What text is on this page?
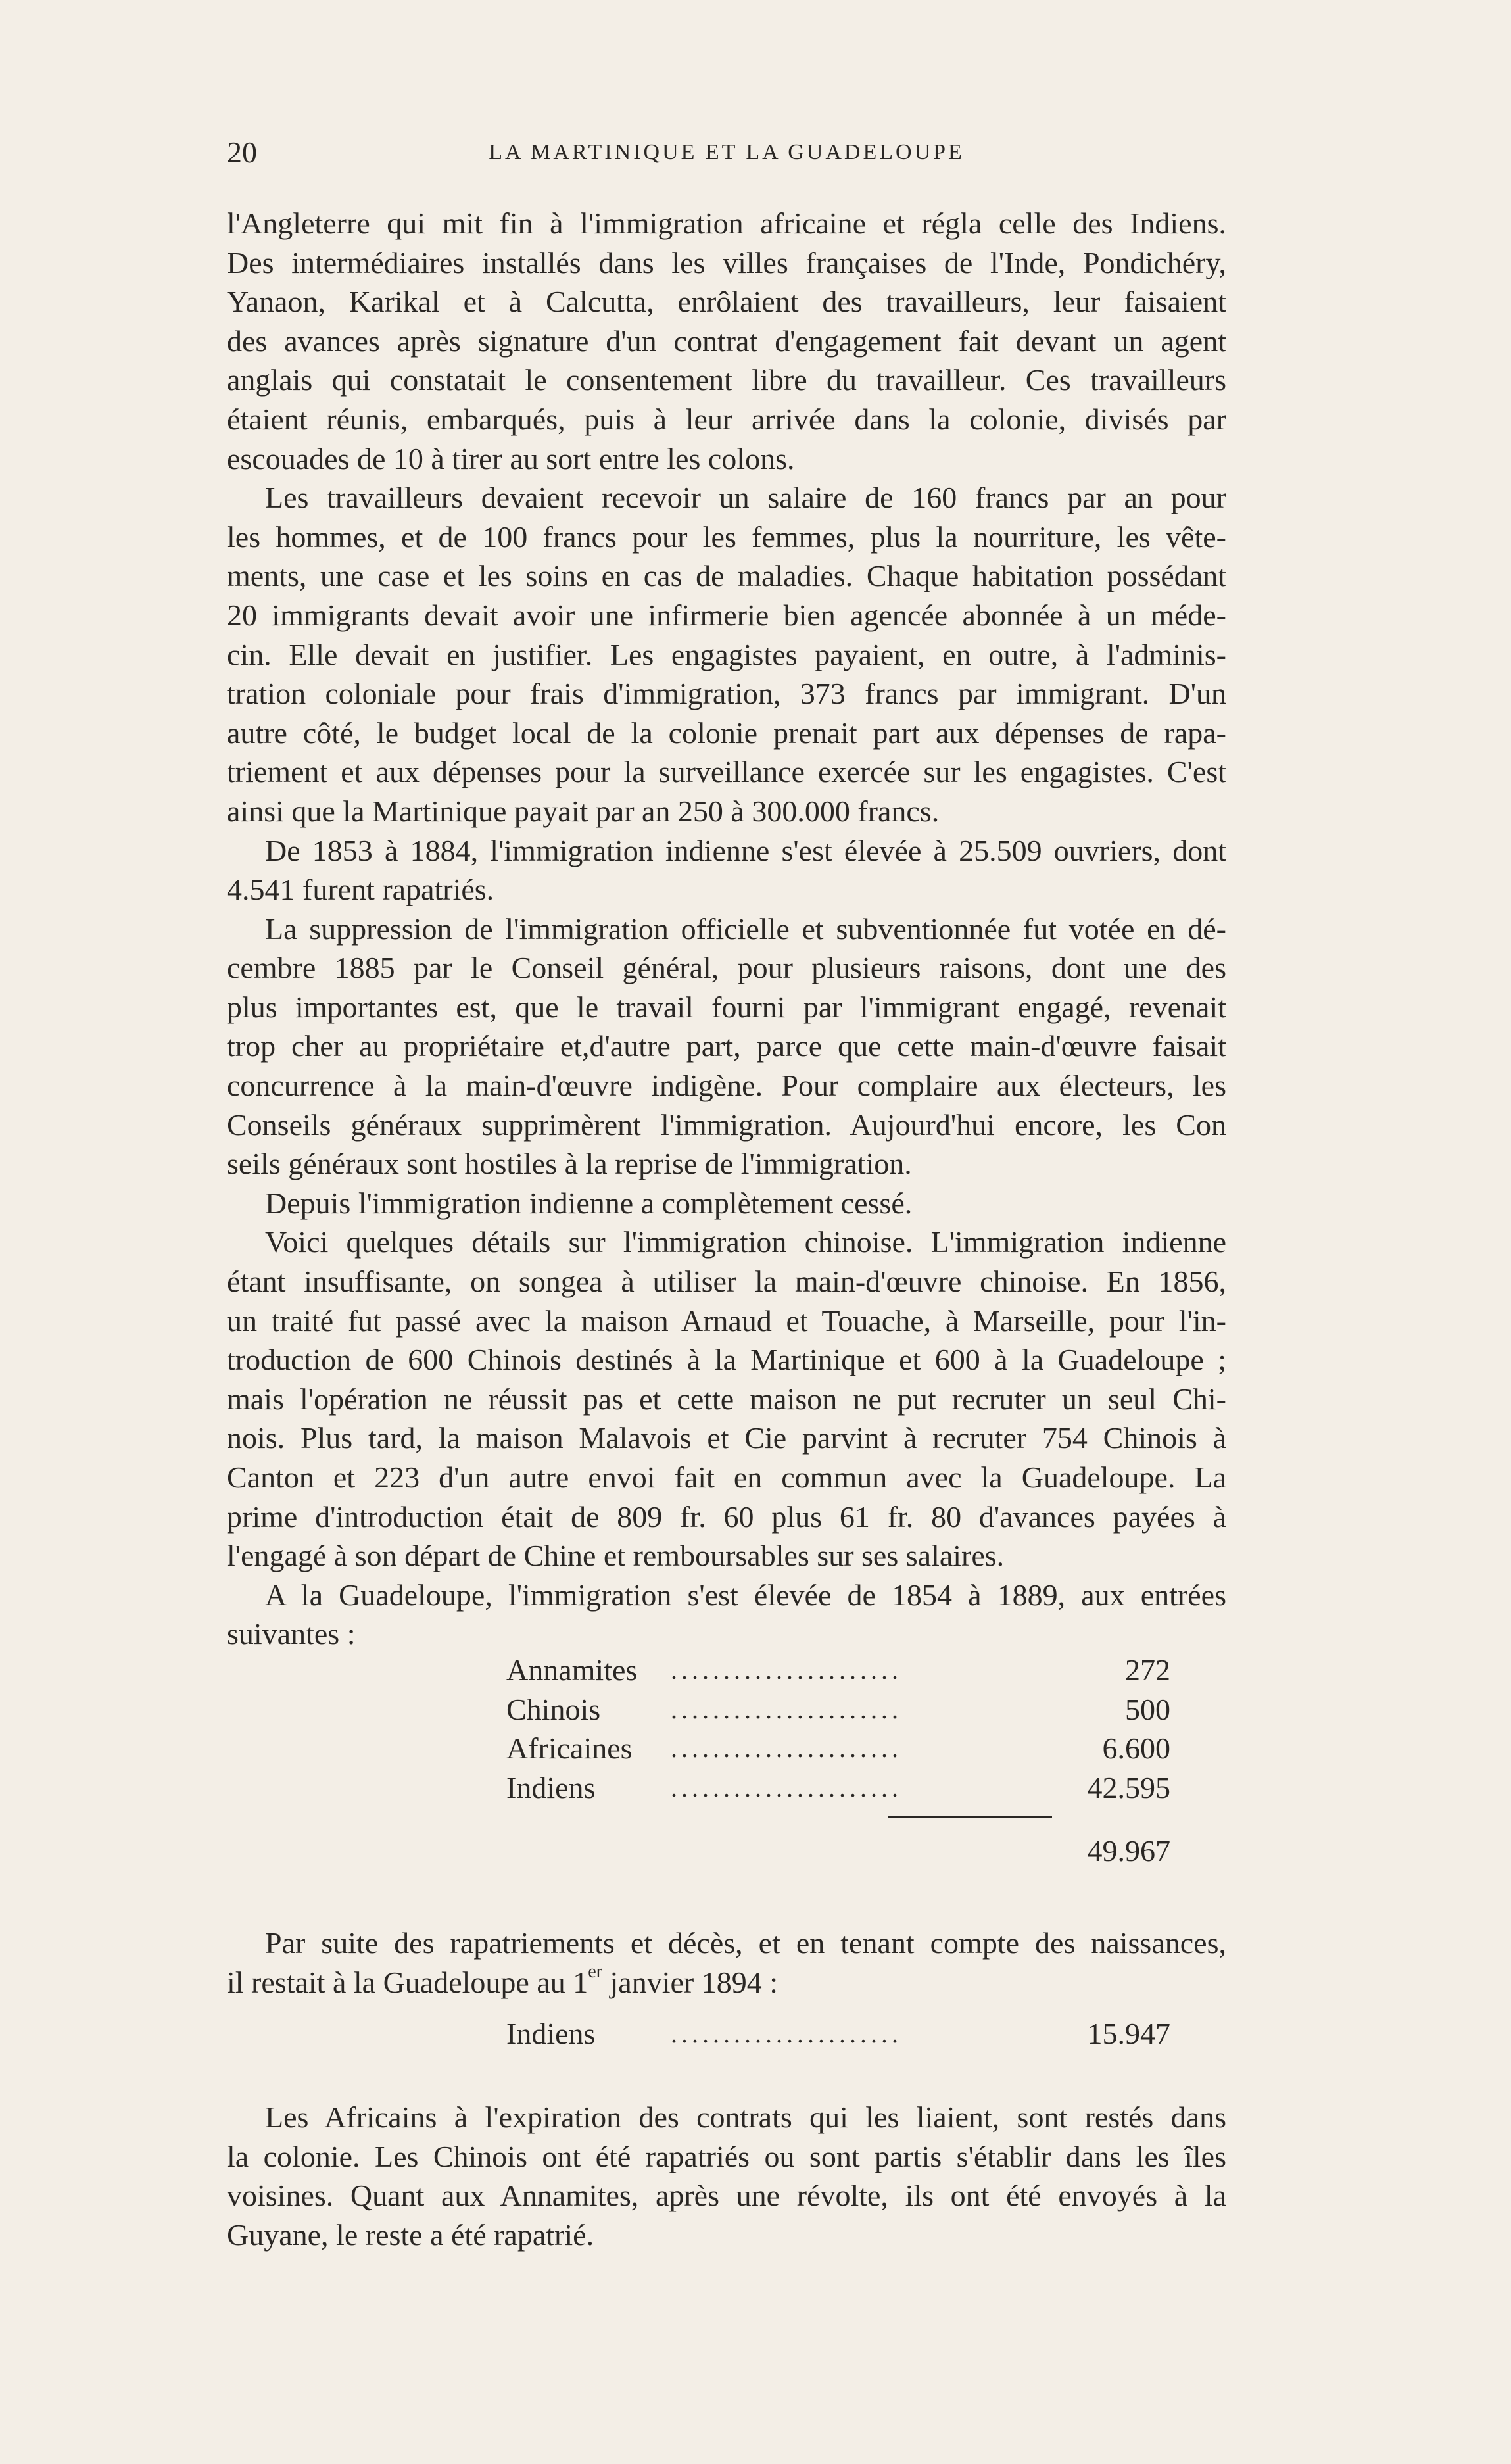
20	LA MARTINIQUE ET LA GUADELOUPE
l'Angleterre qui mit fin à l'immigration africaine et régla celle des Indiens.
Des intermédiaires installés dans les villes françaises de l'Inde, Pondichéry,
Yanaon, Karikal et à Calcutta, enrôlaient des travailleurs, leur faisaient
des avances après signature d'un contrat d'engagement fait devant un agent
anglais qui constatait le consentement libre du travailleur. Ces travailleurs
étaient réunis, embarqués, puis à leur arrivée dans la colonie, divisés par
escouades de 10 à tirer au sort entre les colons.
Les travailleurs devaient recevoir un salaire de 160 francs par an pour
les hommes, et de 100 francs pour les femmes, plus la nourriture, les vête-
ments, une case et les soins en cas de maladies. Chaque habitation possédant
20 immigrants devait avoir une infirmerie bien agencée abonnée à un méde-
cin. Elle devait en justifier. Les engagistes payaient, en outre, à l'adminis-
tration coloniale pour frais d'immigration, 373 francs par immigrant. D'un
autre côté, le budget local de la colonie prenait part aux dépenses de rapa-
triement et aux dépenses pour la surveillance exercée sur les engagistes. C'est
ainsi que la Martinique payait par an 250 à 300.000 francs.
De 1853 à 1884, l'immigration indienne s'est élevée à 25.509 ouvriers, dont
4.541 furent rapatriés.
La suppression de l'immigration officielle et subventionnée fut votée en dé-
cembre 1885 par le Conseil général, pour plusieurs raisons, dont une des
plus importantes est, que le travail fourni par l'immigrant engagé, revenait
trop cher au propriétaire et,d'autre part, parce que cette main-d'œuvre faisait
concurrence à la main-d'œuvre indigène. Pour complaire aux électeurs, les
Conseils généraux supprimèrent l'immigration. Aujourd'hui encore, les Con
seils généraux sont hostiles à la reprise de l'immigration.
Depuis l'immigration indienne a complètement cessé.
Voici quelques détails sur l'immigration chinoise. L'immigration indienne
étant insuffisante, on songea à utiliser la main-d'œuvre chinoise. En 1856,
un traité fut passé avec la maison Arnaud et Touache, à Marseille, pour l'in-
troduction de 600 Chinois destinés à la Martinique et 600 à la Guadeloupe ;
mais l'opération ne réussit pas et cette maison ne put recruter un seul Chi-
nois. Plus tard, la maison Malavois et Cie parvint à recruter 754 Chinois à
Canton et 223 d'un autre envoi fait en commun avec la Guadeloupe. La
prime d'introduction était de 809 fr. 60 plus 61 fr. 80 d'avances payées à
l'engagé à son départ de Chine et remboursables sur ses salaires.
A la Guadeloupe, l'immigration s'est élevée de 1854 à 1889, aux entrées
suivantes :
Annamites ......................	272
Chinois	......................	500
Africaines ......................	6.600
Indiens	......................	42.595
49.967
Par suite des rapatriements et décès, et en tenant compte des naissances,
il restait à la Guadeloupe au 1er janvier 1894 :
Indiens	......................	15.947
Les Africains à l'expiration des contrats qui les liaient, sont restés dans
la colonie. Les Chinois ont été rapatriés ou sont partis s'établir dans les îles
voisines. Quant aux Annamites, après une révolte, ils ont été envoyés à la
Guyane, le reste a été rapatrié.
